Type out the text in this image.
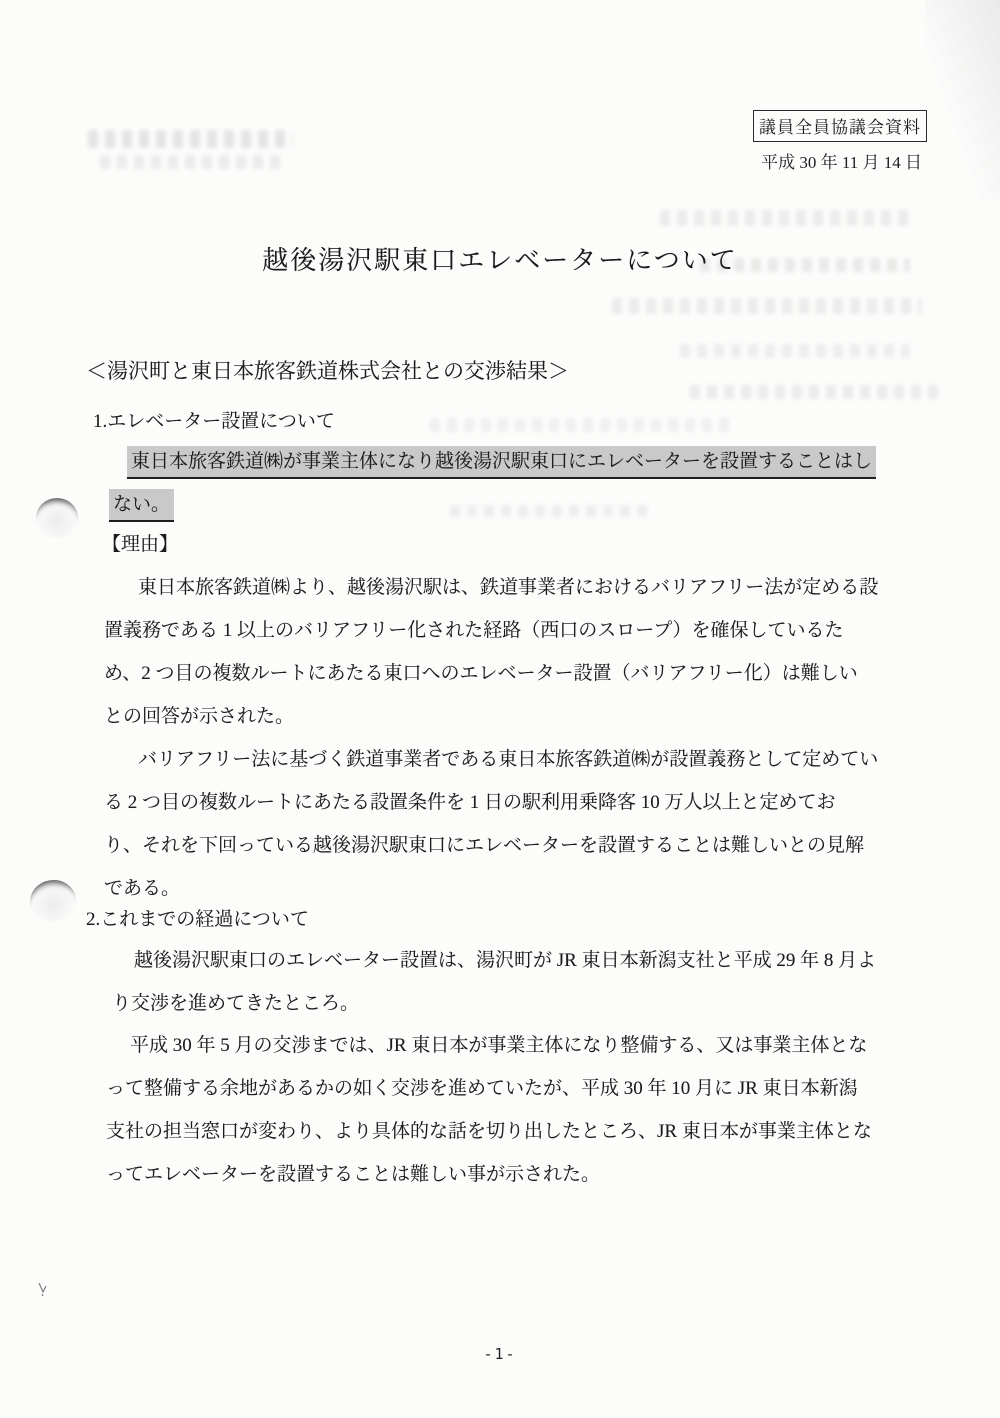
議員全員協議会資料
平成 30 年 11 月 14 日
越後湯沢駅東口エレベーターについて
＜湯沢町と東日本旅客鉄道株式会社との交渉結果＞
1.エレベーター設置について
東日本旅客鉄道㈱が事業主体になり越後湯沢駅東口にエレベーターを設置することはし
ない。
【理由】
東日本旅客鉄道㈱より、越後湯沢駅は、鉄道事業者におけるバリアフリー法が定める設
置義務である 1 以上のバリアフリー化された経路（西口のスロープ）を確保しているた
め、2 つ目の複数ルートにあたる東口へのエレベーター設置（バリアフリー化）は難しい
との回答が示された。
バリアフリー法に基づく鉄道事業者である東日本旅客鉄道㈱が設置義務として定めてい
る 2 つ目の複数ルートにあたる設置条件を 1 日の駅利用乗降客 10 万人以上と定めてお
り、それを下回っている越後湯沢駅東口にエレベーターを設置することは難しいとの見解
である。
2.これまでの経過について
越後湯沢駅東口のエレベーター設置は、湯沢町が JR 東日本新潟支社と平成 29 年 8 月よ
り交渉を進めてきたところ。
平成 30 年 5 月の交渉までは、JR 東日本が事業主体になり整備する、又は事業主体とな
って整備する余地があるかの如く交渉を進めていたが、平成 30 年 10 月に JR 東日本新潟
支社の担当窓口が変わり、より具体的な話を切り出したところ、JR 東日本が事業主体とな
ってエレベーターを設置することは難しい事が示された。
-1-
